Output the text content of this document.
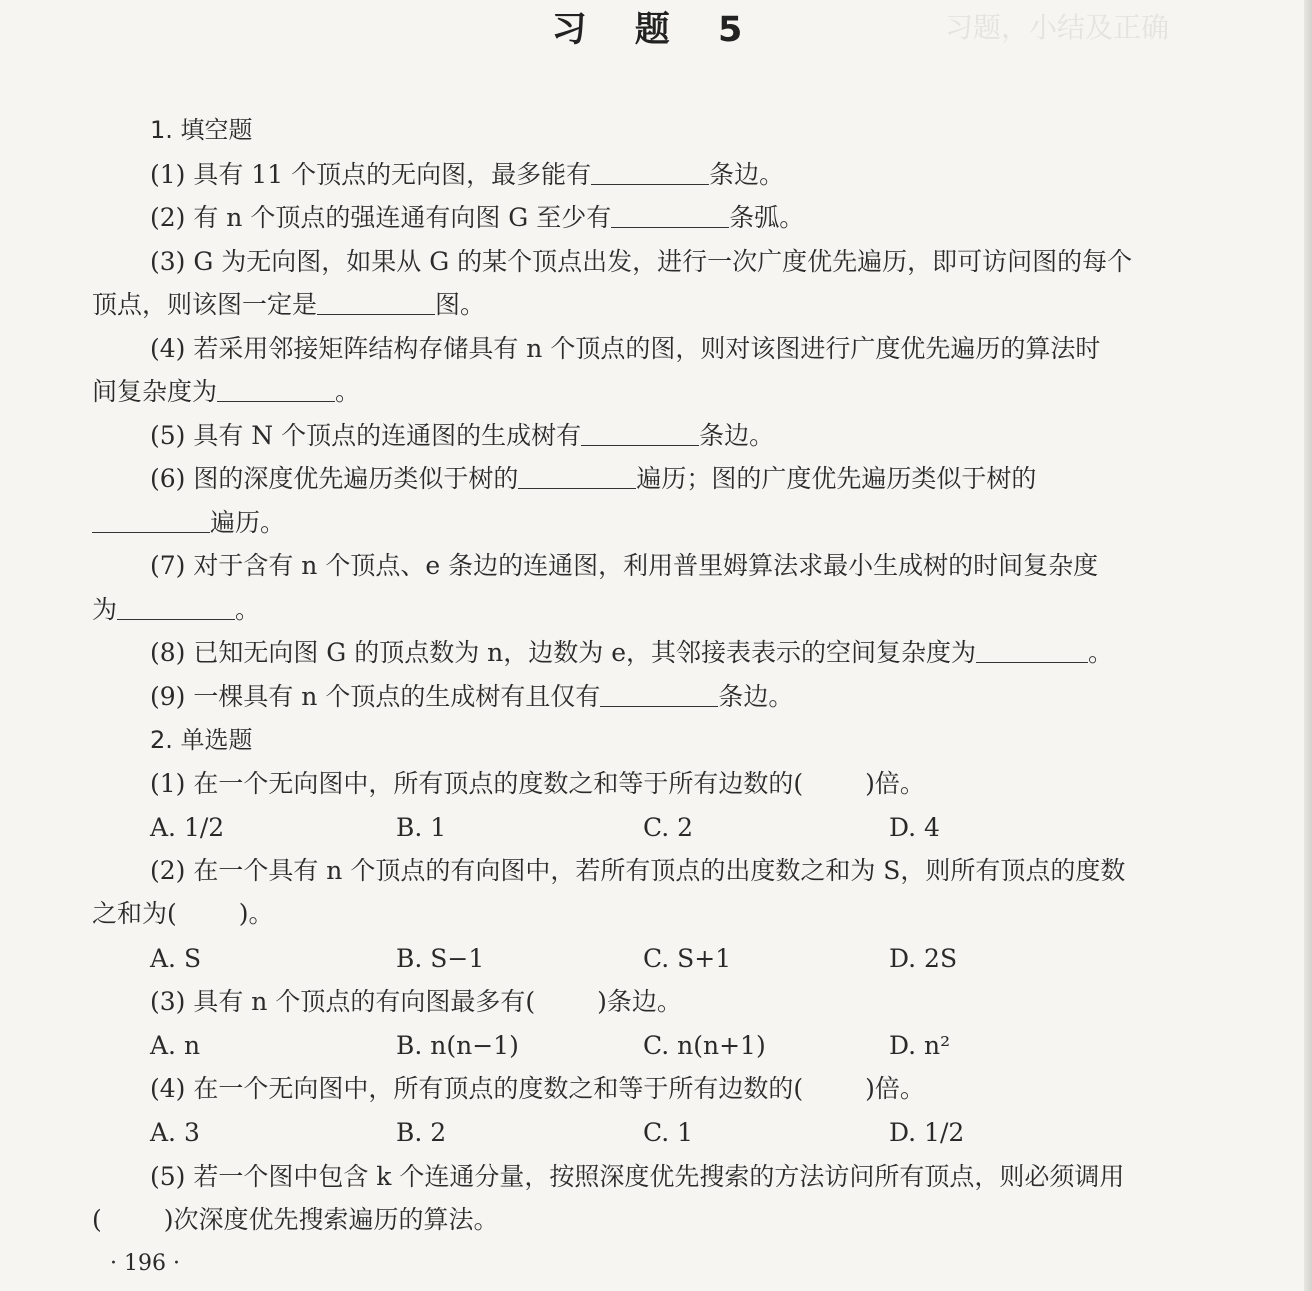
习题，小结及正确
习 题 5
1. 填空题
(1) 具有 11 个顶点的无向图，最多能有	条边。
(2) 有 n 个顶点的强连通有向图 G 至少有	条弧。
(3) G 为无向图，如果从 G 的某个顶点出发，进行一次广度优先遍历，即可访问图的每个
顶点，则该图一定是	图。
(4) 若采用邻接矩阵结构存储具有 n 个顶点的图，则对该图进行广度优先遍历的算法时
间复杂度为	。
(5) 具有 N 个顶点的连通图的生成树有	条边。
(6) 图的深度优先遍历类似于树的	遍历；图的广度优先遍历类似于树的
遍历。
(7) 对于含有 n 个顶点、e 条边的连通图，利用普里姆算法求最小生成树的时间复杂度
为	。
(8) 已知无向图 G 的顶点数为 n，边数为 e，其邻接表表示的空间复杂度为	。
(9) 一棵具有 n 个顶点的生成树有且仅有	条边。
2. 单选题
(1) 在一个无向图中，所有顶点的度数之和等于所有边数的( )倍。
A. 1/2	B. 1	C. 2	D. 4
(2) 在一个具有 n 个顶点的有向图中，若所有顶点的出度数之和为 S，则所有顶点的度数
之和为( )。
A. S	B. S−1	C. S+1	D. 2S
(3) 具有 n 个顶点的有向图最多有( )条边。
A. n	B. n(n−1)	C. n(n+1)	D. n²
(4) 在一个无向图中，所有顶点的度数之和等于所有边数的( )倍。
A. 3	B. 2	C. 1	D. 1/2
(5) 若一个图中包含 k 个连通分量，按照深度优先搜索的方法访问所有顶点，则必须调用
( )次深度优先搜索遍历的算法。
· 196 ·
